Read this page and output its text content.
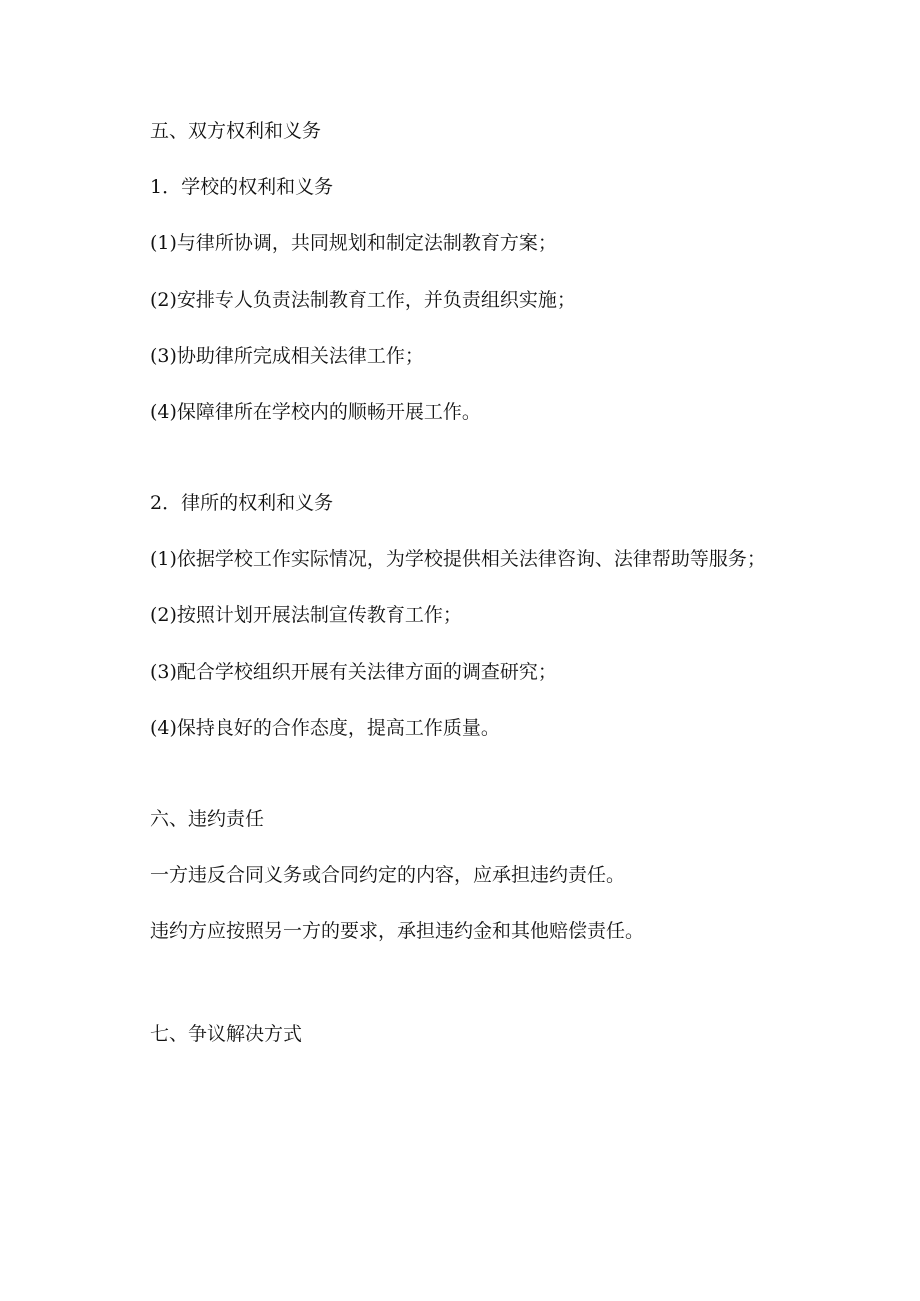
五、双方权利和义务

1．学校的权利和义务

(1)与律所协调，共同规划和制定法制教育方案；

(2)安排专人负责法制教育工作，并负责组织实施；

(3)协助律所完成相关法律工作；

(4)保障律所在学校内的顺畅开展工作。

2．律所的权利和义务

(1)依据学校工作实际情况，为学校提供相关法律咨询、法律帮助等服务；

(2)按照计划开展法制宣传教育工作；

(3)配合学校组织开展有关法律方面的调查研究；

(4)保持良好的合作态度，提高工作质量。

六、违约责任

一方违反合同义务或合同约定的内容，应承担违约责任。

违约方应按照另一方的要求，承担违约金和其他赔偿责任。

七、争议解决方式
